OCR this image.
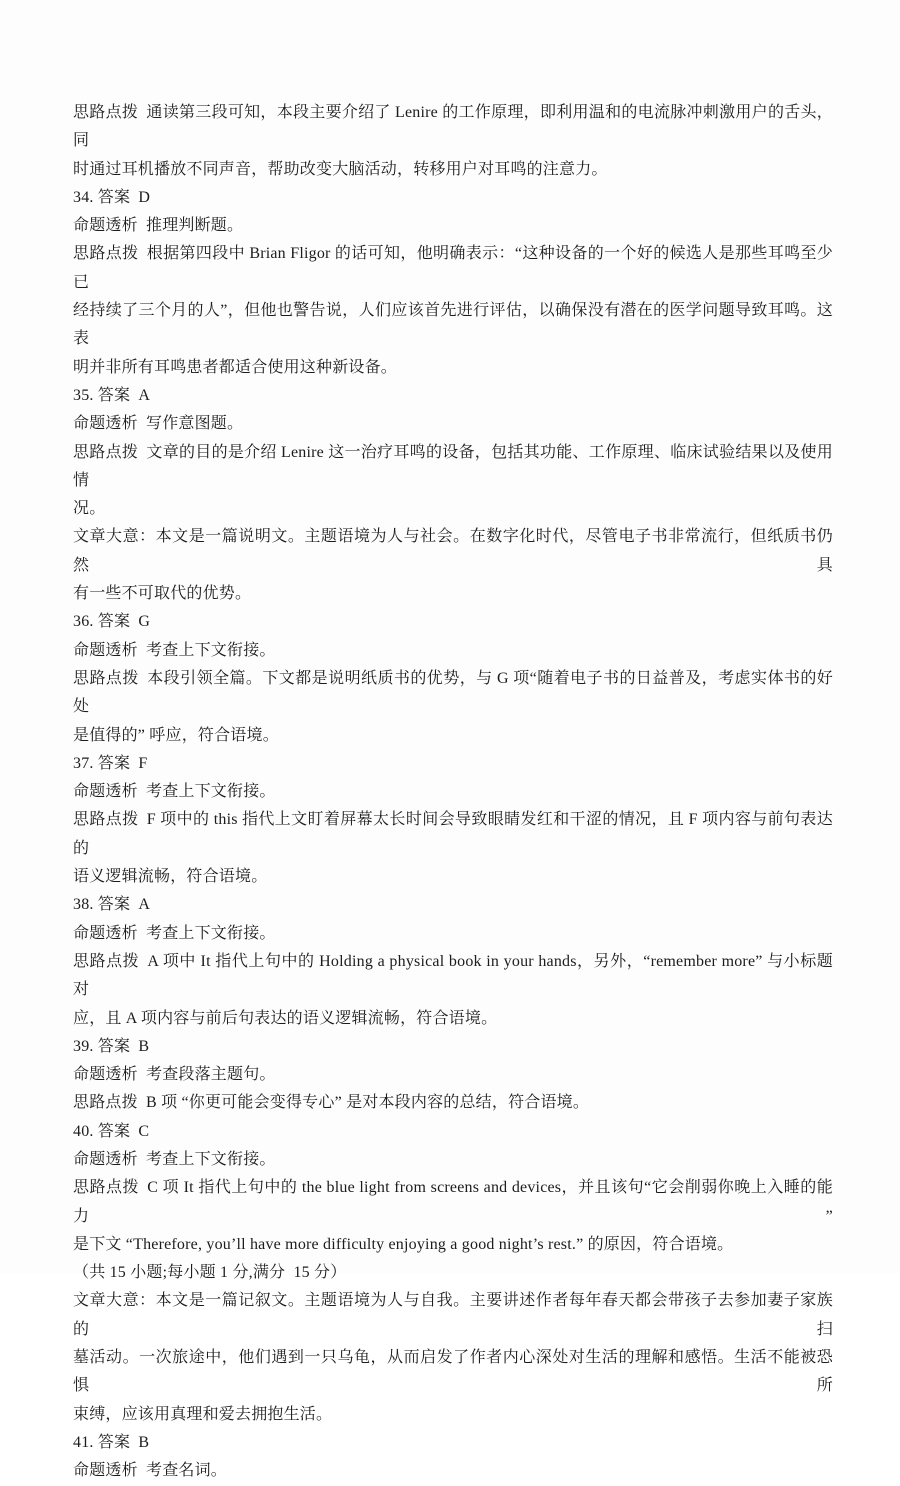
思路点拨 通读第三段可知，本段主要介绍了 Lenire 的工作原理，即利用温和的电流脉冲刺激用户的舌头，同
时通过耳机播放不同声音，帮助改变大脑活动，转移用户对耳鸣的注意力。
34. 答案 D
命题透析 推理判断题。
思路点拨 根据第四段中 Brian Fligor 的话可知，他明确表示：“这种设备的一个好的候选人是那些耳鸣至少已
经持续了三个月的人”，但他也警告说，人们应该首先进行评估，以确保没有潜在的医学问题导致耳鸣。这表
明并非所有耳鸣患者都适合使用这种新设备。
35. 答案 A
命题透析 写作意图题。
思路点拨 文章的目的是介绍 Lenire 这一治疗耳鸣的设备，包括其功能、工作原理、临床试验结果以及使用情
况。
文章大意：本文是一篇说明文。主题语境为人与社会。在数字化时代，尽管电子书非常流行，但纸质书仍然具
有一些不可取代的优势。
36. 答案 G
命题透析 考查上下文衔接。
思路点拨 本段引领全篇。下文都是说明纸质书的优势，与 G 项“随着电子书的日益普及，考虑实体书的好处
是值得的” 呼应，符合语境。
37. 答案 F
命题透析 考查上下文衔接。
思路点拨 F 项中的 this 指代上文盯着屏幕太长时间会导致眼睛发红和干涩的情况，且 F 项内容与前句表达的
语义逻辑流畅，符合语境。
38. 答案 A
命题透析 考查上下文衔接。
思路点拨 A 项中 It 指代上句中的 Holding a physical book in your hands，另外，“remember more” 与小标题对
应，且 A 项内容与前后句表达的语义逻辑流畅，符合语境。
39. 答案 B
命题透析 考查段落主题句。
思路点拨 B 项 “你更可能会变得专心” 是对本段内容的总结，符合语境。
40. 答案 C
命题透析 考查上下文衔接。
思路点拨 C 项 It 指代上句中的 the blue light from screens and devices，并且该句“它会削弱你晚上入睡的能力”
是下文 “Therefore, you’ll have more difficulty enjoying a good night’s rest.” 的原因，符合语境。
（共 15 小题;每小题 1 分,满分 15 分）
文章大意：本文是一篇记叙文。主题语境为人与自我。主要讲述作者每年春天都会带孩子去参加妻子家族的扫
墓活动。一次旅途中，他们遇到一只乌龟，从而启发了作者内心深处对生活的理解和感悟。生活不能被恐惧所
束缚，应该用真理和爱去拥抱生活。
41. 答案 B
命题透析 考查名词。
